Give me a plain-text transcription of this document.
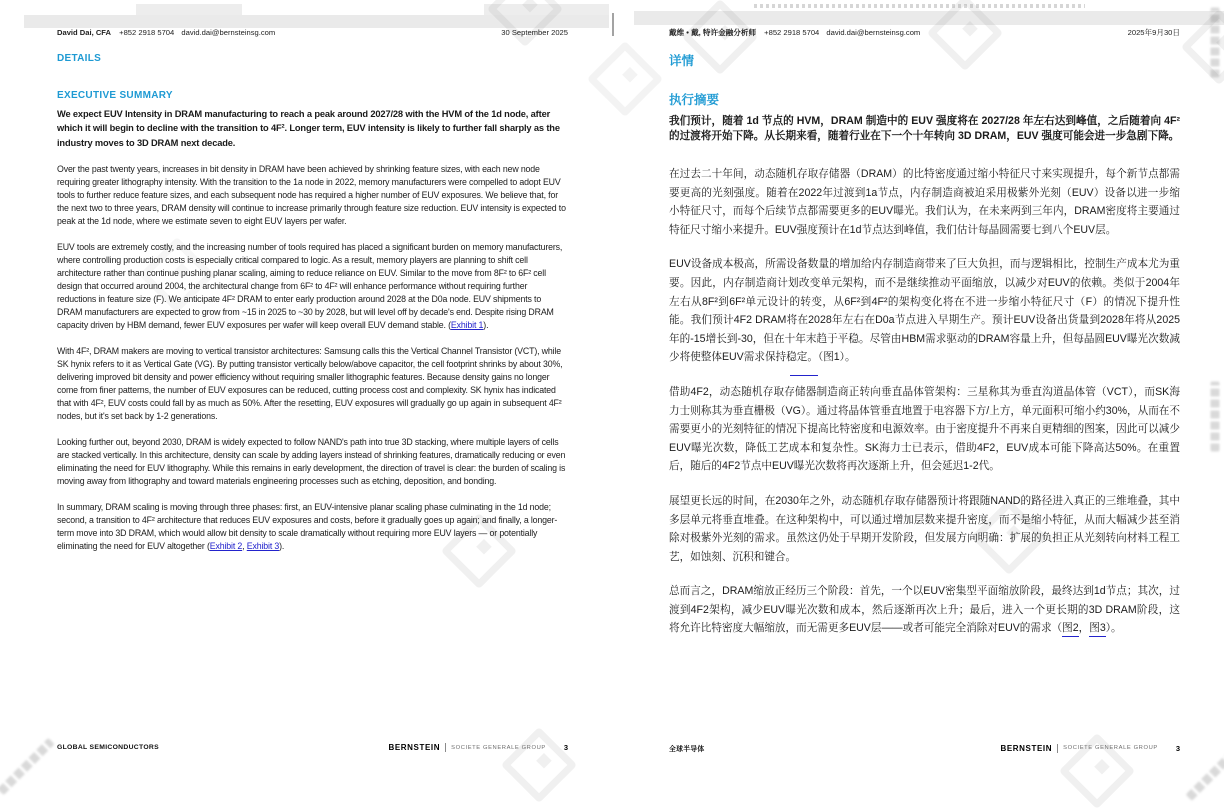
David Dai, CFA +852 2918 5704 david.dai@bernsteinsg.com	30 September 2025
DETAILS
EXECUTIVE SUMMARY

We expect EUV Intensity in DRAM manufacturing to reach a peak around 2027/28 with the HVM of the 1d node, after which it will begin to decline with the transition to 4F². Longer term, EUV intensity is likely to further fall sharply as the industry moves to 3D DRAM next decade.

Over the past twenty years, increases in bit density in DRAM have been achieved by shrinking feature sizes, with each new node requiring greater lithography intensity. With the transition to the 1a node in 2022, memory manufacturers were compelled to adopt EUV tools to further reduce feature sizes, and each subsequent node has required a higher number of EUV exposures. We believe that, for the next two to three years, DRAM density will continue to increase primarily through feature size reduction. EUV intensity is expected to peak at the 1d node, where we estimate seven to eight EUV layers per wafer.

EUV tools are extremely costly, and the increasing number of tools required has placed a significant burden on memory manufacturers, where controlling production costs is especially critical compared to logic. As a result, memory players are planning to shift cell architecture rather than continue pushing planar scaling, aiming to reduce reliance on EUV. Similar to the move from 8F² to 6F² cell design that occurred around 2004, the architectural change from 6F² to 4F² will enhance performance without requiring further reductions in feature size (F). We anticipate 4F² DRAM to enter early production around 2028 at the D0a node. EUV shipments to DRAM manufacturers are expected to grow from ~15 in 2025 to ~30 by 2028, but will level off by decade's end. Despite rising DRAM capacity driven by HBM demand, fewer EUV exposures per wafer will keep overall EUV demand stable. (Exhibit 1).

With 4F², DRAM makers are moving to vertical transistor architectures: Samsung calls this the Vertical Channel Transistor (VCT), while SK hynix refers to it as Vertical Gate (VG). By putting transistor vertically below/above capacitor, the cell footprint shrinks by about 30%, delivering improved bit density and power efficiency without requiring smaller lithographic features. Because density gains no longer come from finer patterns, the number of EUV exposures can be reduced, cutting process cost and complexity. SK hynix has indicated that with 4F², EUV costs could fall by as much as 50%. After the resetting, EUV exposures will gradually go up again in subsequent 4F² nodes, but it's set back by 1-2 generations.

Looking further out, beyond 2030, DRAM is widely expected to follow NAND's path into true 3D stacking, where multiple layers of cells are stacked vertically. In this architecture, density can scale by adding layers instead of shrinking features, dramatically reducing or even eliminating the need for EUV lithography. While this remains in early development, the direction of travel is clear: the burden of scaling is moving away from lithography and toward materials engineering processes such as etching, deposition, and bonding.

In summary, DRAM scaling is moving through three phases: first, an EUV-intensive planar scaling phase culminating in the 1d node; second, a transition to 4F² architecture that reduces EUV exposures and costs, before it gradually goes up again; and finally, a longer-term move into 3D DRAM, which would allow bit density to scale dramatically without requiring more EUV layers — or potentially eliminating the need for EUV altogether (Exhibit 2, Exhibit 3).

GLOBAL SEMICONDUCTORS	BERNSTEIN SOCIETE GENERALE GROUP 3
戴维 • 戴, 特许金融分析师 +852 2918 5704 david.dai@bernsteinsg.com	2025年9月30日
详情
执行摘要

我们预计，随着 1d 节点的 HVM，DRAM 制造中的 EUV 强度将在 2027/28 年左右达到峰值，之后随着向 4F² 的过渡将开始下降。从长期来看，随着行业在下一个十年转向 3D DRAM，EUV 强度可能会进一步急剧下降。

在过去二十年间，动态随机存取存储器（DRAM）的比特密度通过缩小特征尺寸来实现提升，每个新节点都需要更高的光刻强度。随着在2022年过渡到1a节点，内存制造商被迫采用极紫外光刻（EUV）设备以进一步缩小特征尺寸，而每个后续节点都需要更多的EUV曝光。我们认为，在未来两到三年内，DRAM密度将主要通过特征尺寸缩小来提升。EUV强度预计在1d节点达到峰值，我们估计每晶圆需要七到八个EUV层。

EUV设备成本极高，所需设备数量的增加给内存制造商带来了巨大负担，而与逻辑相比，控制生产成本尤为重要。因此，内存制造商计划改变单元架构，而不是继续推动平面缩放，以减少对EUV的依赖。类似于2004年左右从8F²到6F²单元设计的转变，从6F²到4F²的架构变化将在不进一步缩小特征尺寸（F）的情况下提升性能。我们预计4F2 DRAM将在2028年左右在D0a节点进入早期生产。预计EUV设备出货量到2028年将从2025年的-15增长到-30，但在十年末趋于平稳。尽管由HBM需求驱动的DRAM容量上升，但每晶圆EUV曝光次数减少将使整体EUV需求保持稳定。（图1）。

借助4F2，动态随机存取存储器制造商正转向垂直晶体管架构：三星称其为垂直沟道晶体管（VCT），而SK海力士则称其为垂直栅极（VG）。通过将晶体管垂直地置于电容器下方/上方，单元面积可缩小约30%，从而在不需要更小的光刻特征的情况下提高比特密度和电源效率。由于密度提升不再来自更精细的图案，因此可以减少EUV曝光次数，降低工艺成本和复杂性。SK海力士已表示，借助4F2，EUV成本可能下降高达50%。在重置后，随后的4F2节点中EUV曝光次数将再次逐渐上升，但会延迟1-2代。

展望更长远的时间，在2030年之外，动态随机存取存储器预计将跟随NAND的路径进入真正的三维堆叠，其中多层单元将垂直堆叠。在这种架构中，可以通过增加层数来提升密度，而不是缩小特征，从而大幅减少甚至消除对极紫外光刻的需求。虽然这仍处于早期开发阶段，但发展方向明确：扩展的负担正从光刻转向材料工程工艺，如蚀刻、沉积和键合。

总而言之，DRAM缩放正经历三个阶段：首先，一个以EUV密集型平面缩放阶段，最终达到1d节点；其次，过渡到4F2架构，减少EUV曝光次数和成本，然后逐渐再次上升；最后，进入一个更长期的3D DRAM阶段，这将允许比特密度大幅缩放，而无需更多EUV层——或者可能完全消除对EUV的需求（图2，图3）。

全球半导体	BERNSTEIN SOCIETE GENERALE GROUP 3
